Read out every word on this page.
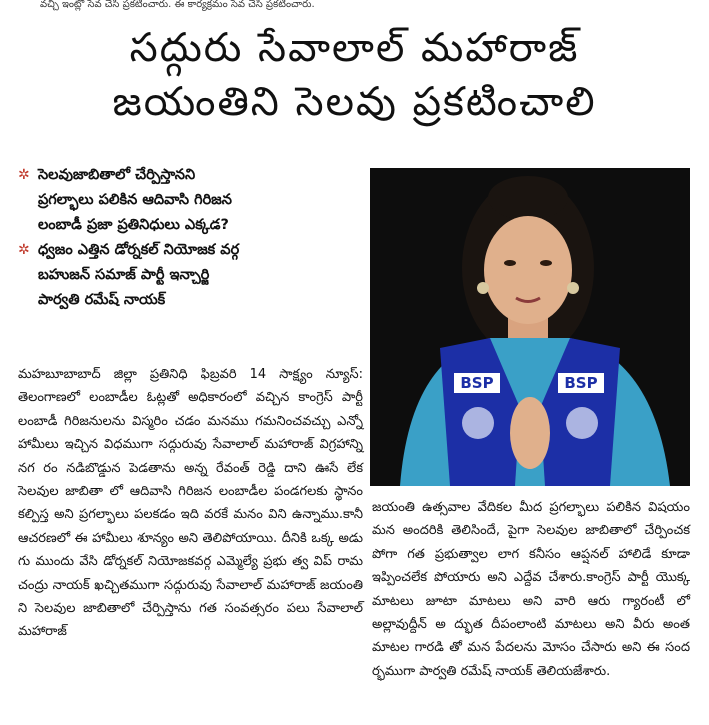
వచ్చి ఇంట్లో సేవ చేసి ప్రకటించారు. ఈ కార్యక్రమం సేవ చేసి ప్రకటించారు.
సద్గురు సేవాలాల్ మహారాజ్
జయంతిని సెలవు ప్రకటించాలి
✲ సెలవుజాబితాలో చేర్పిస్తానని
ప్రగల్భాలు పలికిన ఆదివాసి గిరిజన
లంబాడీ ప్రజా ప్రతినిధులు ఎక్కడ?
✲ ధ్వజం ఎత్తిన డోర్నకల్ నియోజక వర్గ
బహుజన్ సమాజ్ పార్టీ ఇన్చార్జి
పార్వతి రమేష్ నాయక్
BSP	BSP

మహబూబాబాద్ జిల్లా ప్రతినిధి ఫిబ్రవరి 14 సాక్ష్యం న్యూస్: తెలంగాణలో లంబాడీల ఓట్లతో అధికారంలో వచ్చిన కాంగ్రెస్ పార్టీ లంబాడీ గిరిజనులను విస్మరిం చడం మనము గమనించవచ్చు ఎన్నో హామీలు ఇచ్చిన విధముగా సద్గురువు సేవాలాల్ మహారాజ్ విగ్రహాన్ని నగ రం నడిబొడ్డున పెడతాను అన్న రేవంత్ రెడ్డి దాని ఊసే లేక సెలవుల జాబితా లో ఆదివాసి గిరిజన లంబాడీల పండగలకు స్థానం కల్పిస్త అని ప్రగల్భాలు పలకడం ఇది వరకే మనం విని ఉన్నాము.కానీ ఆచరణలో ఈ హామీలు శూన్యం అని తెలిపోయాయి. దీనికి ఒక్క అడు గు ముందు వేసి డోర్నకల్ నియోజకవర్గ ఎమ్మెల్యే ప్రభు త్వ విప్ రామ చంద్రు నాయక్ ఖచ్చితముగా సద్గురువు సేవాలాల్ మహారాజ్ జయంతి ని సెలవుల జాబితాలో చేర్పిస్తాను గత సంవత్సరం పలు సేవాలాల్ మహారాజ్

జయంతి ఉత్సవాల వేదికల మీద ప్రగల్భాలు పలికిన విషయం మన అందరికి తెలిసిందే, పైగా సెలవుల జాబితాలో చేర్పించక పోగా గత ప్రభుత్వాల లాగ కనీసం ఆప్షనల్ హాలిడే కూడా ఇప్పించలేక పోయారు అని ఎద్దేవ చేశారు.కాంగ్రెస్ పార్టీ యొక్క మాటలు జూటా మాటలు అని వారి ఆరు గ్యారంటీ లో అల్లావుద్దీన్ అ ద్భుత దీపంలాంటి మాటలు అని వీరు అంత మాటల గారడి తో మన పేదలను మోసం చేసారు అని ఈ సంద ర్భముగా పార్వతి రమేష్ నాయక్ తెలియజేశారు.
